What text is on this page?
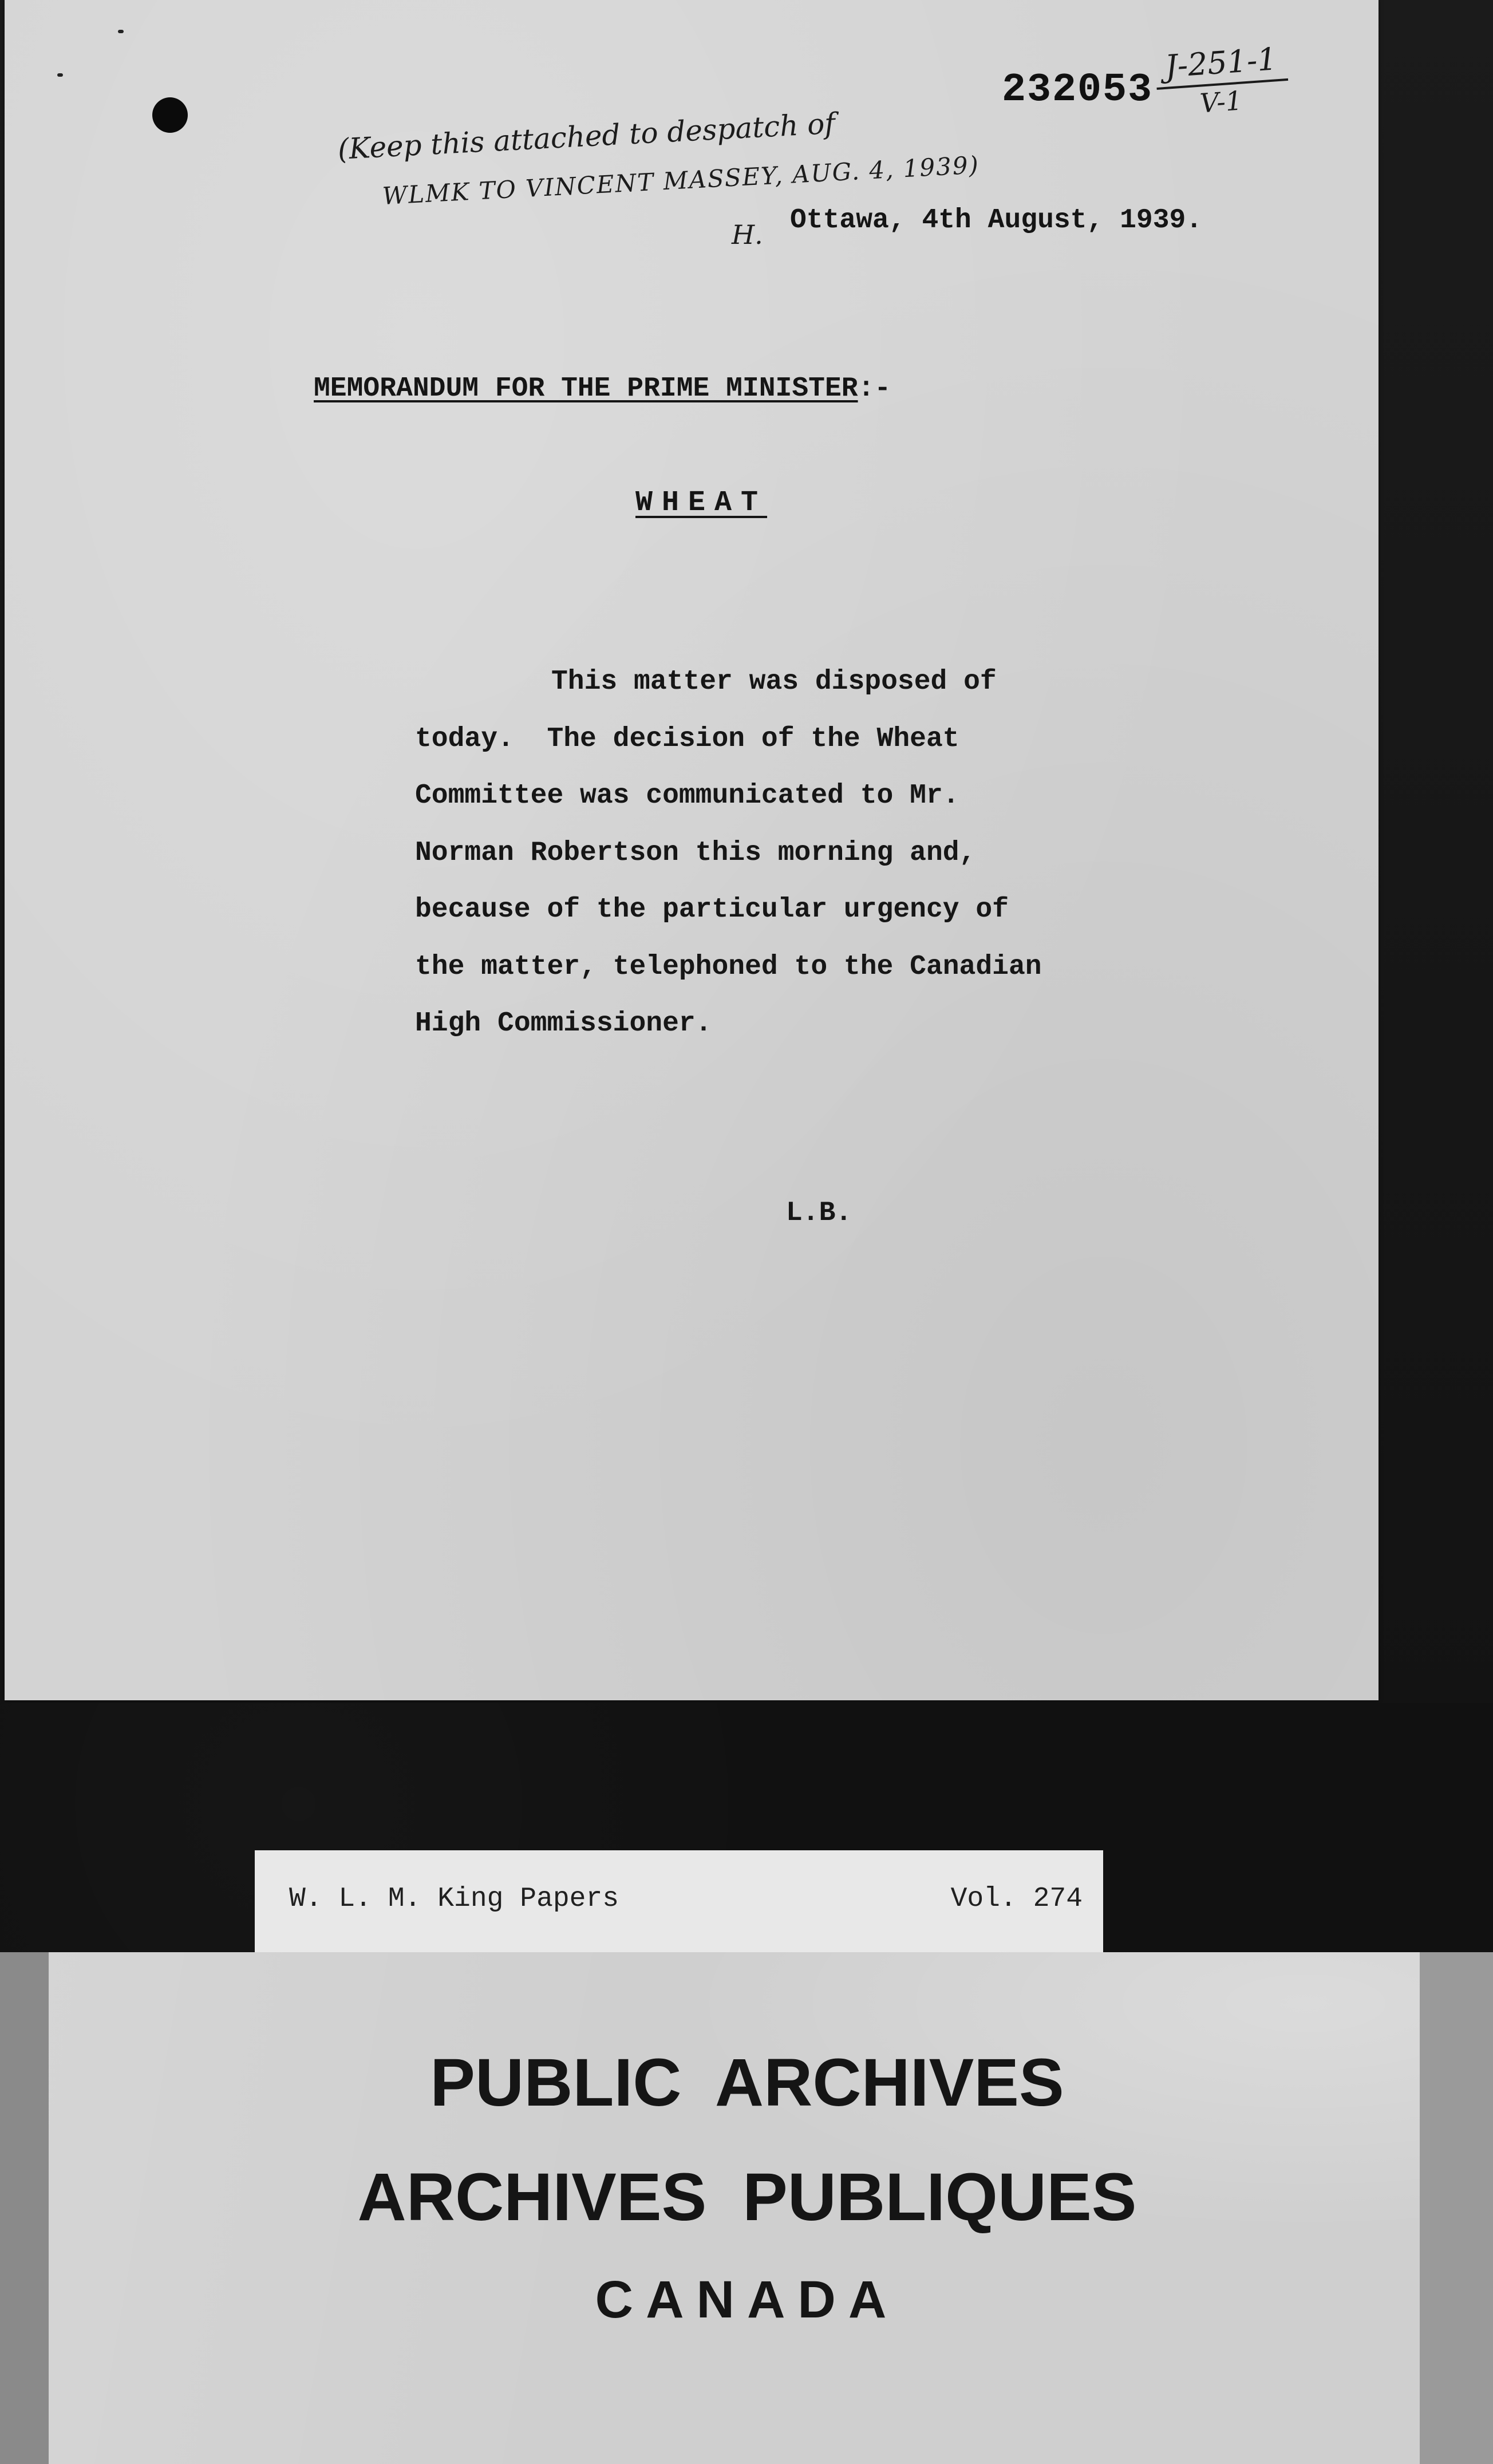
$232053 \frac{J-251-1}{V-1}$
(Keep this attached to despatch of
WLMK TO VINCENT MASSEY, AUG. 4, 1939)
H. Ottawa, 4th August, 1939.
MEMORANDUM FOR THE PRIME MINISTER:-
WHEAT
This matter was disposed of
today.  The decision of the Wheat
Committee was communicated to Mr.
Norman Robertson this morning and,
because of the particular urgency of
the matter, telephoned to the Canadian
High Commissioner.
L.B.
W. L. M. King Papers	Vol. 274
PUBLIC ARCHIVES
ARCHIVES PUBLIQUES
CANADA
